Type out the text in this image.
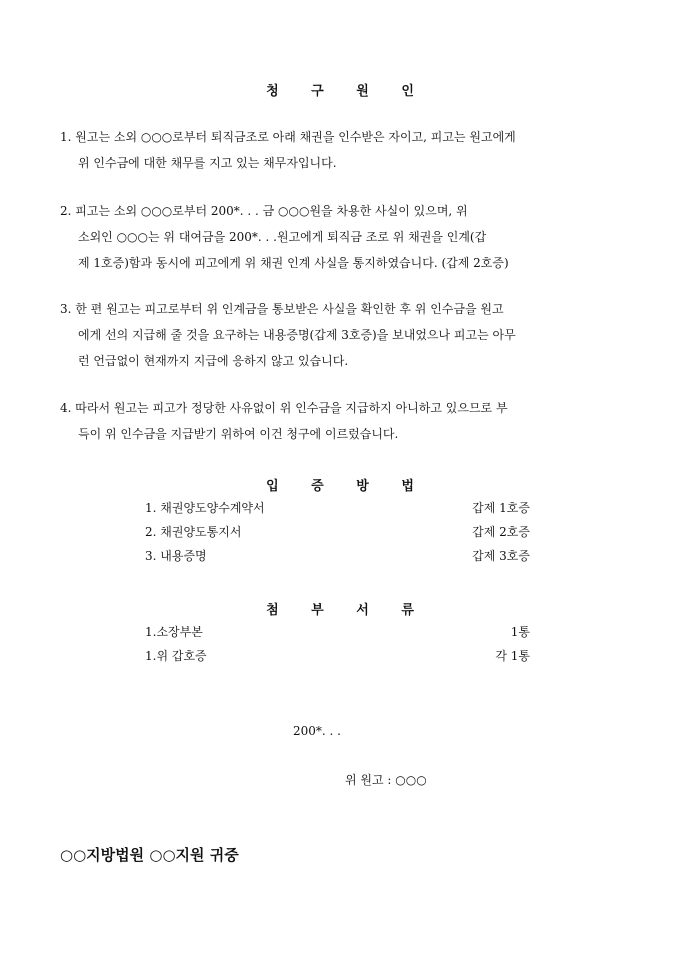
청 구 원 인
1. 원고는 소외 ○○○로부터 퇴직금조로 아래 채권을 인수받은 자이고, 피고는 원고에게
위 인수금에 대한 채무를 지고 있는 채무자입니다.
2. 피고는 소외 ○○○로부터 200*. . . 금 ○○○원을 차용한 사실이 있으며, 위
소외인 ○○○는 위 대여금을 200*. . .원고에게 퇴직금 조로 위 채권을 인계(갑
제 1호증)함과 동시에 피고에게 위 채권 인계 사실을 통지하였습니다. (갑제 2호증)
3. 한 편 원고는 피고로부터 위 인계금을 통보받은 사실을 확인한 후 위 인수금을 원고
에게 선의 지급해 줄 것을 요구하는 내용증명(갑제 3호증)을 보내었으나 피고는 아무
런 언급없이 현재까지 지급에 응하지 않고 있습니다.
4. 따라서 원고는 피고가 정당한 사유없이 위 인수금을 지급하지 아니하고 있으므로 부
득이 위 인수금을 지급받기 위하여 이건 청구에 이르렀습니다.
입 증 방 법
1. 채권양도양수계약서	갑제 1호증
2. 채권양도통지서	갑제 2호증
3. 내용증명	갑제 3호증
첨 부 서 류
1.소장부본	1통
1.위 갑호증	각 1통
200*. . .
위 원고 : ○○○
○○지방법원 ○○지원 귀중
